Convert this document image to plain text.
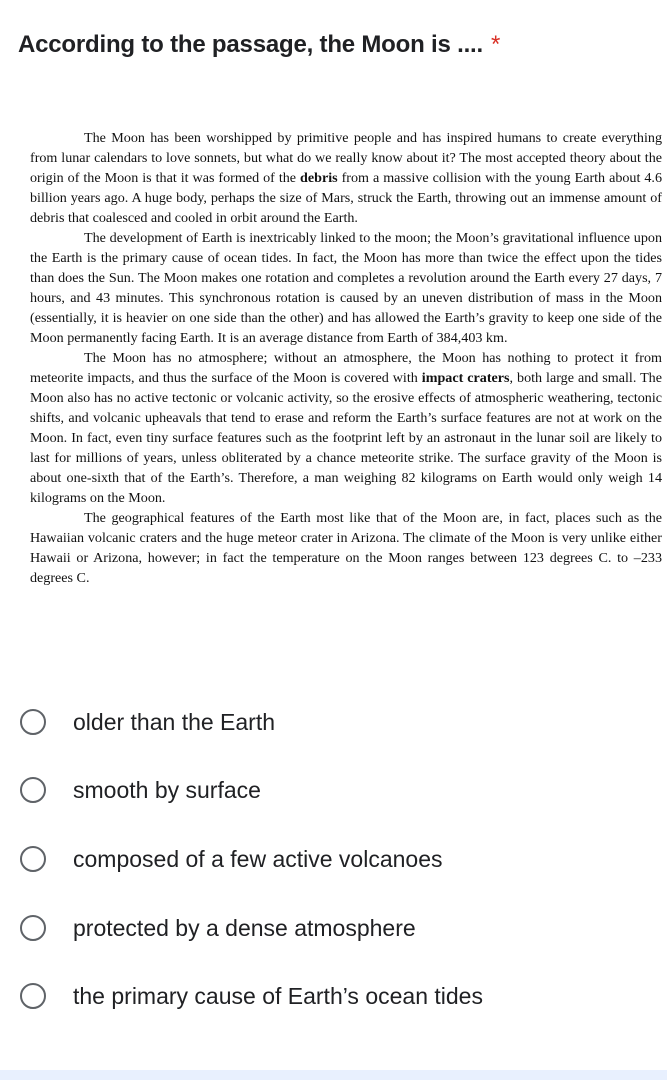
According to the passage, the Moon is .... *

The Moon has been worshipped by primitive people and has inspired humans to create everything from lunar calendars to love sonnets, but what do we really know about it? The most accepted theory about the origin of the Moon is that it was formed of the debris from a massive collision with the young Earth about 4.6 billion years ago. A huge body, perhaps the size of Mars, struck the Earth, throwing out an immense amount of debris that coalesced and cooled in orbit around the Earth.

The development of Earth is inextricably linked to the moon; the Moon’s gravitational influence upon the Earth is the primary cause of ocean tides. In fact, the Moon has more than twice the effect upon the tides than does the Sun. The Moon makes one rotation and completes a revolution around the Earth every 27 days, 7 hours, and 43 minutes. This synchronous rotation is caused by an uneven distribution of mass in the Moon (essentially, it is heavier on one side than the other) and has allowed the Earth’s gravity to keep one side of the Moon permanently facing Earth. It is an average distance from Earth of 384,403 km.

The Moon has no atmosphere; without an atmosphere, the Moon has nothing to protect it from meteorite impacts, and thus the surface of the Moon is covered with impact craters, both large and small. The Moon also has no active tectonic or volcanic activity, so the erosive effects of atmospheric weathering, tectonic shifts, and volcanic upheavals that tend to erase and reform the Earth’s surface features are not at work on the Moon. In fact, even tiny surface features such as the footprint left by an astronaut in the lunar soil are likely to last for millions of years, unless obliterated by a chance meteorite strike. The surface gravity of the Moon is about one-sixth that of the Earth’s. Therefore, a man weighing 82 kilograms on Earth would only weigh 14 kilograms on the Moon.

The geographical features of the Earth most like that of the Moon are, in fact, places such as the Hawaiian volcanic craters and the huge meteor crater in Arizona. The climate of the Moon is very unlike either Hawaii or Arizona, however; in fact the temperature on the Moon ranges between 123 degrees C. to –233 degrees C.

older than the Earth
smooth by surface
composed of a few active volcanoes
protected by a dense atmosphere
the primary cause of Earth’s ocean tides
